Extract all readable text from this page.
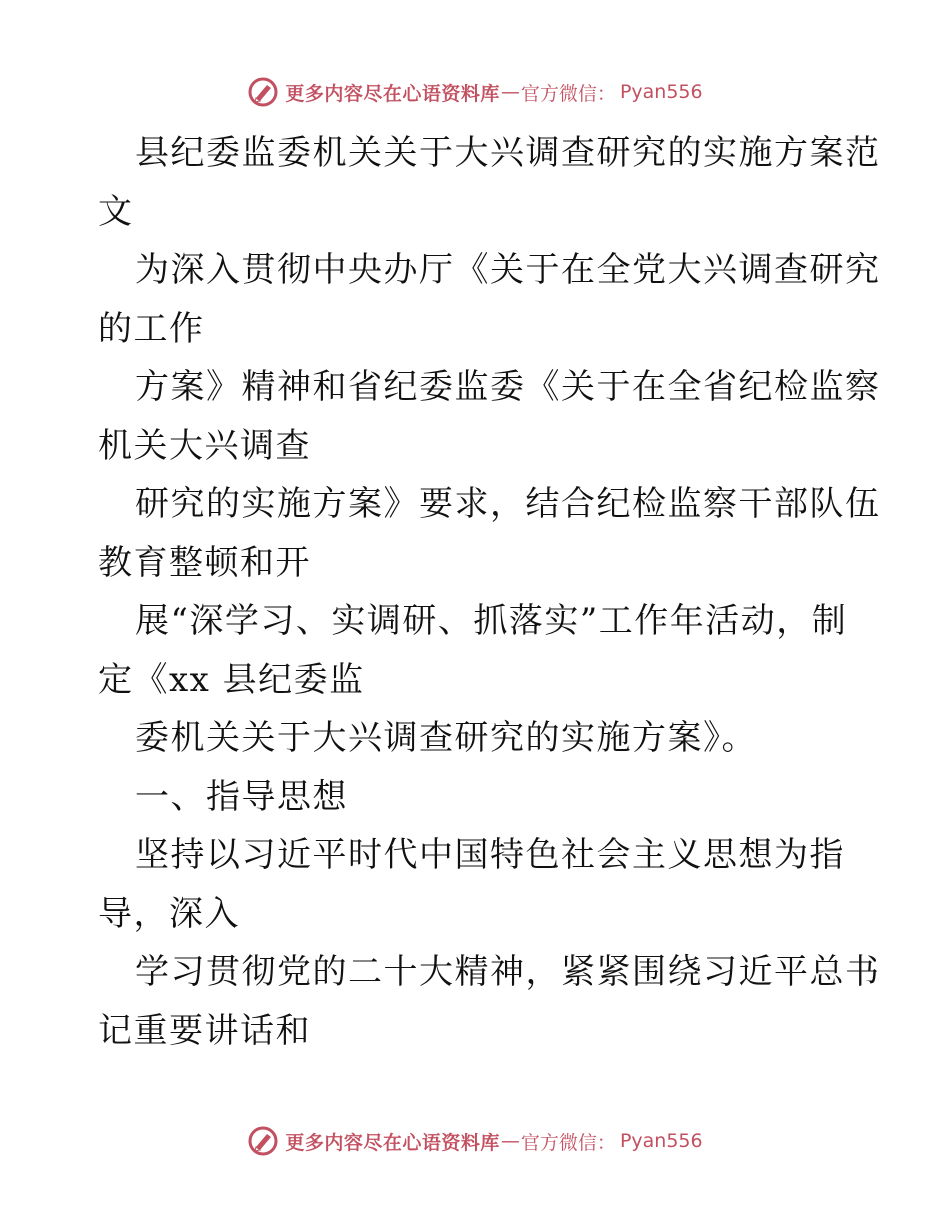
更多内容尽在心语资料库 — 官方微信： Pyan556
县纪委监委机关关于大兴调查研究的实施方案范
文
为深入贯彻中央办厅《关于在全党大兴调查研究
的工作
方案》精神和省纪委监委《关于在全省纪检监察
机关大兴调查
研究的实施方案》要求，结合纪检监察干部队伍
教育整顿和开
展“深学习、实调研、抓落实”工作年活动，制
定《xx 县纪委监
委机关关于大兴调查研究的实施方案》。
一、指导思想
坚持以习近平时代中国特色社会主义思想为指
导，深入
学习贯彻党的二十大精神，紧紧围绕习近平总书
记重要讲话和
更多内容尽在心语资料库 — 官方微信： Pyan556
